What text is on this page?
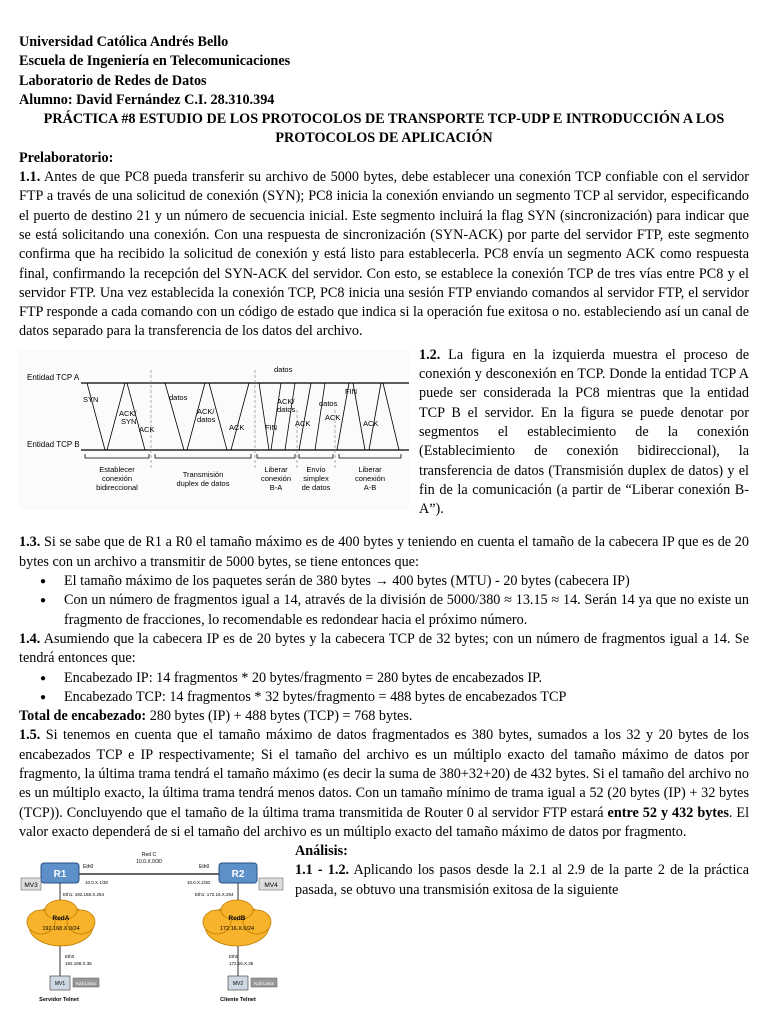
Universidad Católica Andrés Bello

Escuela de Ingeniería en Telecomunicaciones

Laboratorio de Redes de Datos

Alumno: David Fernández C.I. 28.310.394

PRÁCTICA #8 ESTUDIO DE LOS PROTOCOLOS DE TRANSPORTE TCP-UDP E INTRODUCCIÓN A LOS PROTOCOLOS DE APLICACIÓN

Prelaboratorio:

1.1. Antes de que PC8 pueda transferir su archivo de 5000 bytes, debe establecer una conexión TCP confiable con el servidor FTP a través de una solicitud de conexión (SYN); PC8 inicia la conexión enviando un segmento TCP al servidor, especificando el puerto de destino 21 y un número de secuencia inicial. Este segmento incluirá la flag SYN (sincronización) para indicar que se está solicitando una conexión. Con una respuesta de sincronización (SYN-ACK) por parte del servidor FTP, este segmento confirma que ha recibido la solicitud de conexión y está listo para establecerla. PC8 envía un segmento ACK como respuesta final, confirmando la recepción del SYN-ACK del servidor. Con esto, se establece la conexión TCP de tres vías entre PC8 y el servidor FTP. Una vez establecida la conexión TCP, PC8 inicia una sesión FTP enviando comandos al servidor FTP, el servidor FTP responde a cada comando con un código de estado que indica si la operación fue exitosa o no. estableciendo así un canal de datos separado para la transferencia de los datos del archivo.

Entidad TCP A
Entidad TCP B
SYN
ACK/
SYN
ACK
datos
ACK/
datos
ACK
datos
ACK/
datos
FIN ACK
datos
ACK
FIN
ACK
Establecer
conexión
bidireccional
Transmisión
duplex de datos
Liberar
conexión
B-A
Envío
simplex
de datos
Liberar
conexión
A-B

1.2. La figura en la izquierda muestra el proceso de conexión y desconexión en TCP. Donde la entidad TCP A puede ser considerada la PC8 mientras que la entidad TCP B el servidor. En la figura se puede denotar por segmentos el establecimiento de la conexión (Establecimiento de conexión bidireccional), la transferencia de datos (Transmisión duplex de datos) y el fin de la comunicación (a partir de “Liberar conexión B-A”).

1.3. Si se sabe que de R1 a R0 el tamaño máximo es de 400 bytes y teniendo en cuenta el tamaño de la cabecera IP que es de 20 bytes con un archivo a transmitir de 5000 bytes, se tiene entonces que:

● El tamaño máximo de los paquetes serán de 380 bytes → 400 bytes (MTU) - 20 bytes (cabecera IP)
● Con un número de fragmentos igual a 14, através de la división de 5000/380 ≈ 13.15 ≈ 14. Serán 14 ya que no existe un fragmento de fracciones, lo recomendable es redondear hacia el próximo número.

1.4. Asumiendo que la cabecera IP es de 20 bytes y la cabecera TCP de 32 bytes; con un número de fragmentos igual a 14. Se tendrá entonces que:

● Encabezado IP: 14 fragmentos * 20 bytes/fragmento = 280 bytes de encabezados IP.
● Encabezado TCP: 14 fragmentos * 32 bytes/fragmento = 488 bytes de encabezados TCP

Total de encabezado: 280 bytes (IP) + 488 bytes (TCP) = 768 bytes.

1.5. Si tenemos en cuenta que el tamaño máximo de datos fragmentados es 380 bytes, sumados a los 32 y 20 bytes de los encabezados TCP e IP respectivamente; Si el tamaño del archivo es un múltiplo exacto del tamaño máximo de datos por fragmento, la última trama tendrá el tamaño máximo (es decir la suma de 380+32+20) de 432 bytes. Si el tamaño del archivo no es un múltiplo exacto, la última trama tendrá menos datos. Con un tamaño mínimo de trama igual a 52 (20 bytes (IP) + 32 bytes (TCP)). Concluyendo que el tamaño de la última trama transmitida de Router 0 al servidor FTP estará entre 52 y 432 bytes. El valor exacto dependerá de si el tamaño del archivo es un múltiplo exacto del tamaño máximo de datos por fragmento.

R1	R2
MV3	MV4
Red C
10.0.X.0/30
Eth0	Eth0
10.0.X.1/30	10.0.X.2/30
Eth1: 192.168.X.254	Eth1: 172.16.X.254
RedA
192.168.X.0/24
RedB
172.16.X.0/24
Eth0
192.168.X.35
Eth0
172.16.X.35
MV1 Kali Linux	MV2 Kali Linux
Servidor Telnet	Cliente Telnet

Análisis:

1.1 - 1.2. Aplicando los pasos desde la 2.1 al 2.9 de la parte 2 de la práctica pasada, se obtuvo una transmisión exitosa de la siguiente
